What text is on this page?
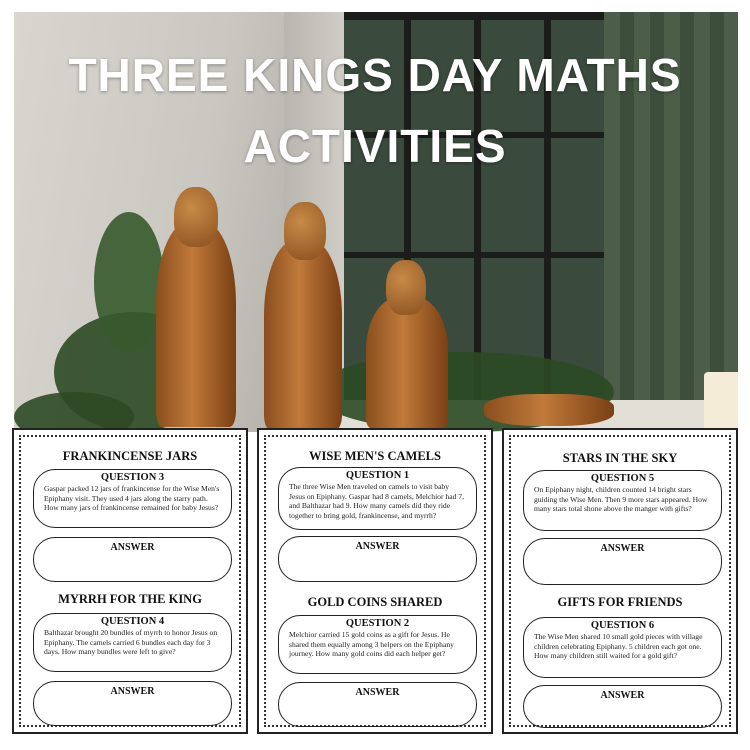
THREE KINGS DAY MATHS
ACTIVITIES
FRANKINCENSE JARS
QUESTION 3
Gaspar packed 12 jars of frankincense for the Wise Men's Epiphany visit. They used 4 jars along the starry path. How many jars of frankincense remained for baby Jesus?
ANSWER
MYRRH FOR THE KING
QUESTION 4
Balthazar brought 20 bundles of myrrh to honor Jesus on Epiphany. The camels carried 6 bundles each day for 3 days. How many bundles were left to give?
ANSWER
WISE MEN'S CAMELS
QUESTION 1
The three Wise Men traveled on camels to visit baby Jesus on Epiphany. Gaspar had 8 camels, Melchior had 7, and Balthazar had 9. How many camels did they ride together to bring gold, frankincense, and myrrh?
ANSWER
GOLD COINS SHARED
QUESTION 2
Melchior carried 15 gold coins as a gift for Jesus. He shared them equally among 3 helpers on the Epiphany journey. How many gold coins did each helper get?
ANSWER
STARS IN THE SKY
QUESTION 5
On Epiphany night, children counted 14 bright stars guiding the Wise Men. Then 9 more stars appeared. How many stars total shone above the manger with gifts?
ANSWER
GIFTS FOR FRIENDS
QUESTION 6
The Wise Men shared 10 small gold pieces with village children celebrating Epiphany. 5 children each got one. How many children still waited for a gold gift?
ANSWER
